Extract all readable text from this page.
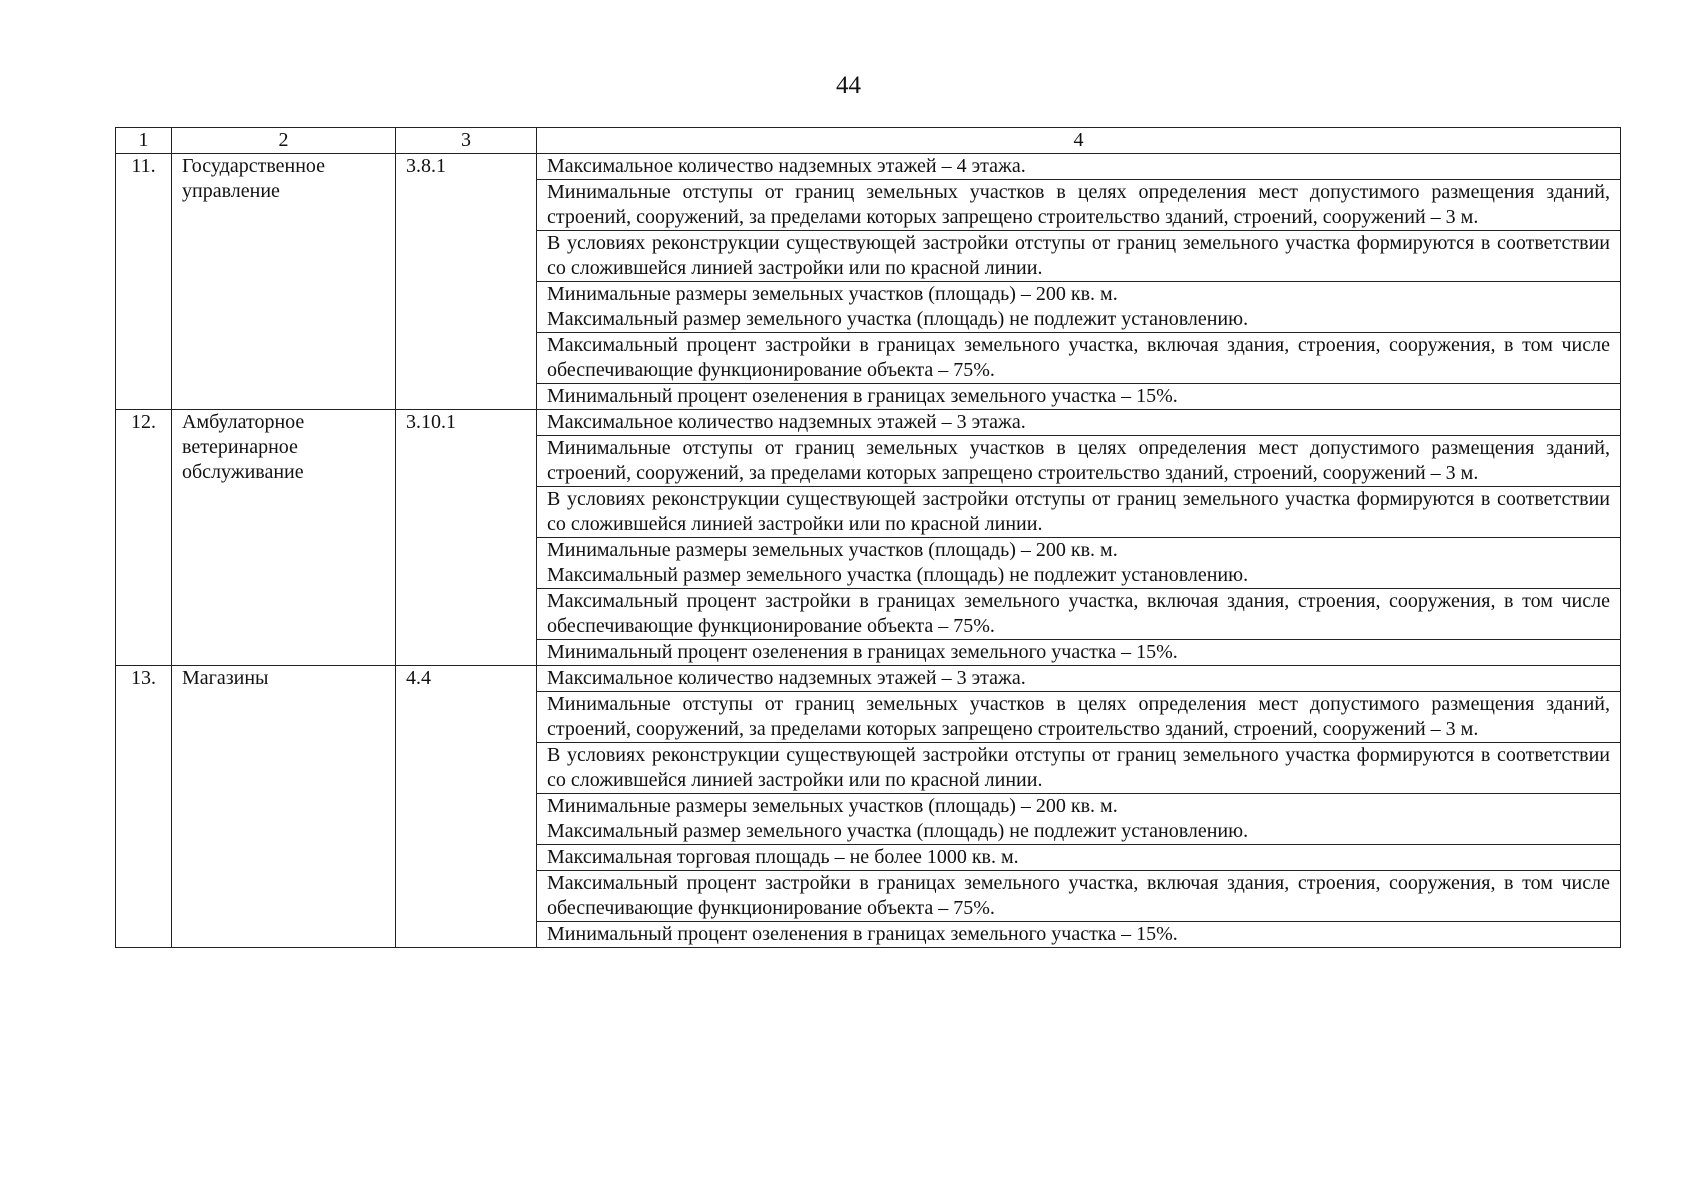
44
1	2	3	4
11.	Государственное управление	3.8.1	Максимальное количество надземных этажей – 4 этажа.
			Минимальные отступы от границ земельных участков в целях определения мест допустимого размещения зданий, строений, сооружений, за пределами которых запрещено строительство зданий, строений, сооружений – 3 м.
			В условиях реконструкции существующей застройки отступы от границ земельного участка формируются в соответствии со сложившейся линией застройки или по красной линии.
			Минимальные размеры земельных участков (площадь) – 200 кв. м.
Максимальный размер земельного участка (площадь) не подлежит установлению.
			Максимальный процент застройки в границах земельного участка, включая здания, строения, сооружения, в том числе обеспечивающие функционирование объекта – 75%.
			Минимальный процент озеленения в границах земельного участка – 15%.
12.	Амбулаторное ветеринарное обслуживание	3.10.1	Максимальное количество надземных этажей – 3 этажа.
			Минимальные отступы от границ земельных участков в целях определения мест допустимого размещения зданий, строений, сооружений, за пределами которых запрещено строительство зданий, строений, сооружений – 3 м.
			В условиях реконструкции существующей застройки отступы от границ земельного участка формируются в соответствии со сложившейся линией застройки или по красной линии.
			Минимальные размеры земельных участков (площадь) – 200 кв. м.
Максимальный размер земельного участка (площадь) не подлежит установлению.
			Максимальный процент застройки в границах земельного участка, включая здания, строения, сооружения, в том числе обеспечивающие функционирование объекта – 75%.
			Минимальный процент озеленения в границах земельного участка – 15%.
13.	Магазины	4.4	Максимальное количество надземных этажей – 3 этажа.
			Минимальные отступы от границ земельных участков в целях определения мест допустимого размещения зданий, строений, сооружений, за пределами которых запрещено строительство зданий, строений, сооружений – 3 м.
			В условиях реконструкции существующей застройки отступы от границ земельного участка формируются в соответствии со сложившейся линией застройки или по красной линии.
			Минимальные размеры земельных участков (площадь) – 200 кв. м.
Максимальный размер земельного участка (площадь) не подлежит установлению.
			Максимальная торговая площадь – не более 1000 кв. м.
			Максимальный процент застройки в границах земельного участка, включая здания, строения, сооружения, в том числе обеспечивающие функционирование объекта – 75%.
			Минимальный процент озеленения в границах земельного участка – 15%.
